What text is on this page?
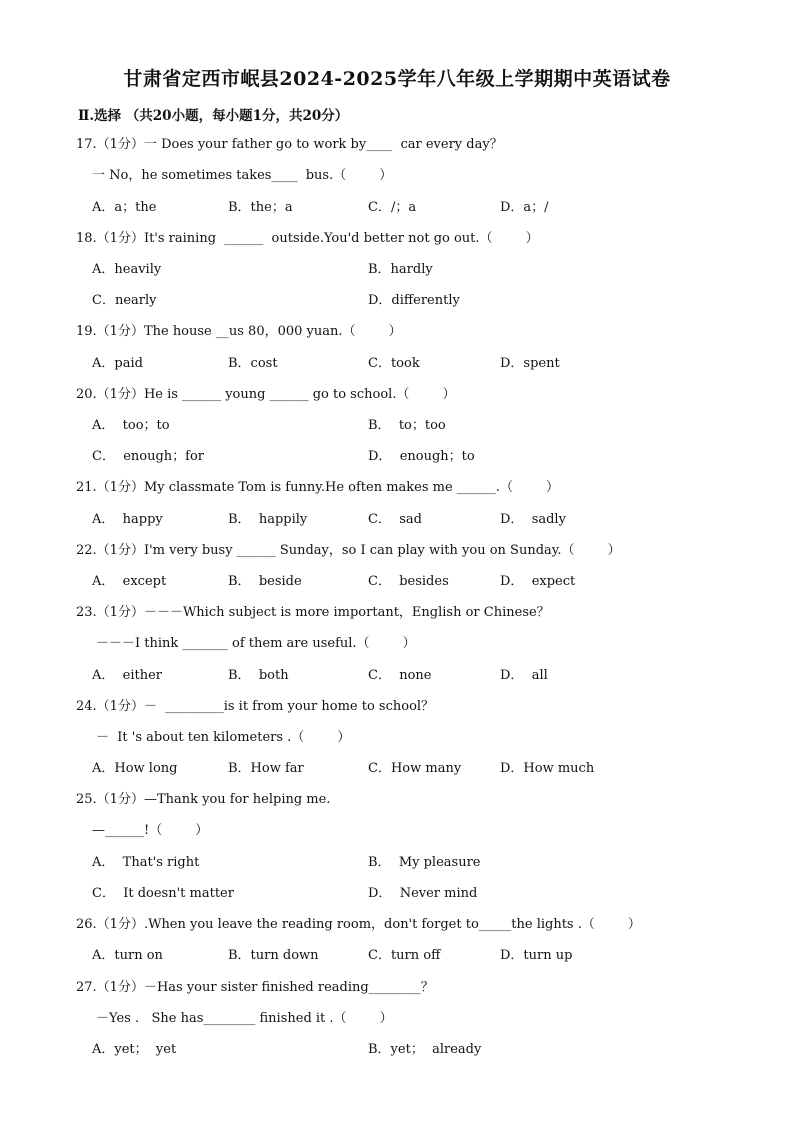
甘肃省定西市岷县2024-2025学年八年级上学期期中英语试卷
Ⅱ.选择 （共20小题，每小题1分，共20分）
17.（1分）一 Does your father go to work by____  car every day？
一 No，he sometimes takes____  bus.（        ）
A．a；the	B．the；a	C．/；a	D．a；/
18.（1分）It's raining  ______  outside.You'd better not go out.（        ）
A．heavily	B．hardly
C．nearly	D．differently
19.（1分）The house __us 80，000 yuan.（        ）
A．paid	B．cost	C．took	D．spent
20.（1分）He is ______ young ______ go to school.（        ）
A．  too；to	B．  to；too
C．  enough；for	D．  enough；to
21.（1分）My classmate Tom is funny.He often makes me ______.（        ）
A．  happy	B．  happily	C．  sad	D．  sadly
22.（1分）I'm very busy ______ Sunday，so I can play with you on Sunday.（        ）
A．  except	B．  beside	C．  besides	D．  expect
23.（1分）－－－Which subject is more important，English or Chinese？
－－－I think _______ of them are useful.（        ）
A．  either	B．  both	C．  none	D．  all
24.（1分）－  _________is it from your home to school？
－  It 's about ten kilometers .（        ）
A．How long	B．How far	C．How many	D．How much
25.（1分）—Thank you for helping me.
—______!（        ）
A．  That's right	B．  My pleasure
C．  It doesn't matter	D．  Never mind
26.（1分）.When you leave the reading room，don't forget to_____the lights .（        ）
A．turn on	B．turn down	C．turn off	D．turn up
27.（1分）－Has your sister finished reading________？
－Yes .   She has________ finished it .（        ）
A．yet；  yet	B．yet；  already
